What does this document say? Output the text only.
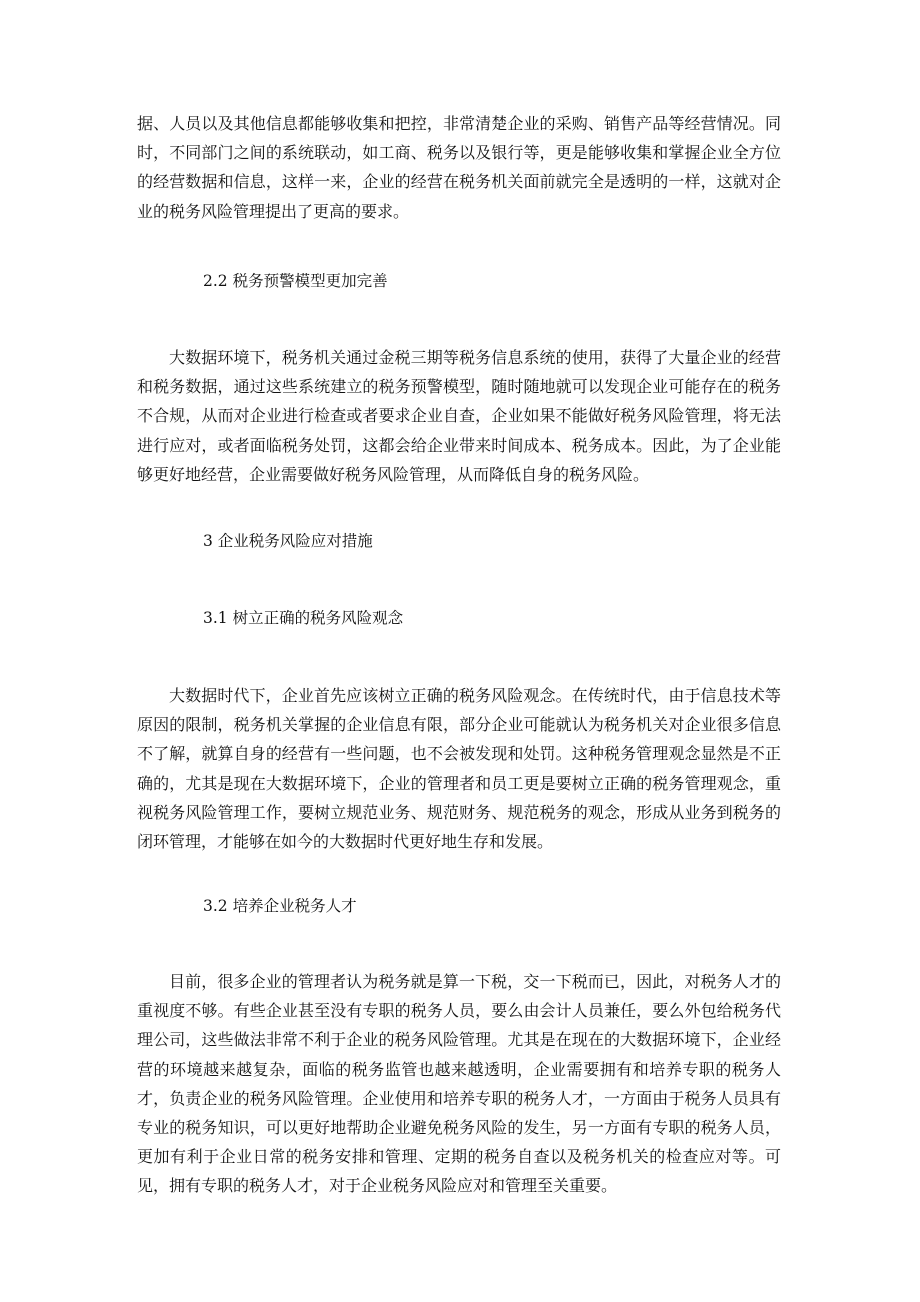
据、人员以及其他信息都能够收集和把控，非常清楚企业的采购、销售产品等经营情况。同时，不同部门之间的系统联动，如工商、税务以及银行等，更是能够收集和掌握企业全方位的经营数据和信息，这样一来，企业的经营在税务机关面前就完全是透明的一样，这就对企业的税务风险管理提出了更高的要求。

2.2 税务预警模型更加完善

大数据环境下，税务机关通过金税三期等税务信息系统的使用，获得了大量企业的经营和税务数据，通过这些系统建立的税务预警模型，随时随地就可以发现企业可能存在的税务不合规，从而对企业进行检查或者要求企业自查，企业如果不能做好税务风险管理，将无法进行应对，或者面临税务处罚，这都会给企业带来时间成本、税务成本。因此，为了企业能够更好地经营，企业需要做好税务风险管理，从而降低自身的税务风险。

3 企业税务风险应对措施

3.1 树立正确的税务风险观念

大数据时代下，企业首先应该树立正确的税务风险观念。在传统时代，由于信息技术等原因的限制，税务机关掌握的企业信息有限，部分企业可能就认为税务机关对企业很多信息不了解，就算自身的经营有一些问题，也不会被发现和处罚。这种税务管理观念显然是不正确的，尤其是现在大数据环境下，企业的管理者和员工更是要树立正确的税务管理观念，重视税务风险管理工作，要树立规范业务、规范财务、规范税务的观念，形成从业务到税务的闭环管理，才能够在如今的大数据时代更好地生存和发展。

3.2 培养企业税务人才

目前，很多企业的管理者认为税务就是算一下税，交一下税而已，因此，对税务人才的重视度不够。有些企业甚至没有专职的税务人员，要么由会计人员兼任，要么外包给税务代理公司，这些做法非常不利于企业的税务风险管理。尤其是在现在的大数据环境下，企业经营的环境越来越复杂，面临的税务监管也越来越透明，企业需要拥有和培养专职的税务人才，负责企业的税务风险管理。企业使用和培养专职的税务人才，一方面由于税务人员具有专业的税务知识，可以更好地帮助企业避免税务风险的发生，另一方面有专职的税务人员，更加有利于企业日常的税务安排和管理、定期的税务自查以及税务机关的检查应对等。可见，拥有专职的税务人才，对于企业税务风险应对和管理至关重要。
